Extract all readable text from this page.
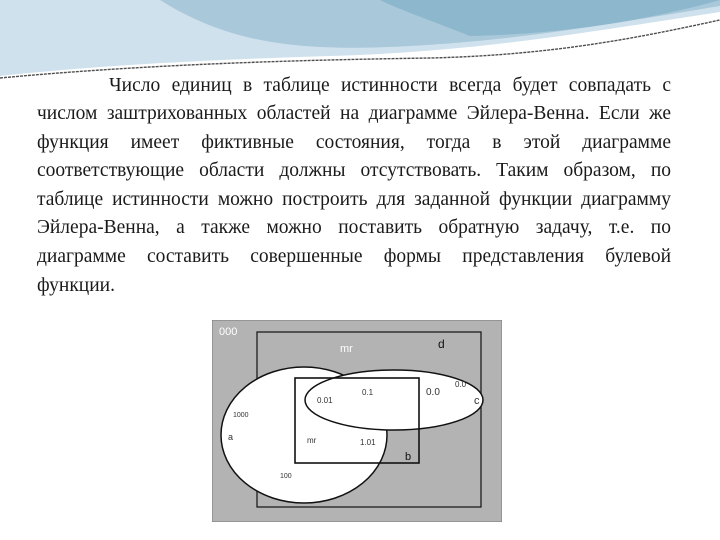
Число единиц в таблице истинности всегда будет совпадать с числом заштрихованных областей на диаграмме Эйлера-Венна. Если же функция имеет фиктивные состояния, тогда в этой диаграмме соответствующие области должны отсутствовать. Таким образом, по таблице истинности можно построить для заданной функции диаграмму Эйлера-Венна, а также можно поставить обратную задачу, т.е. по диаграмме составить совершенные формы представления булевой функции.

000
mr	d
0.01
0.1	0.0
0.0
c
1000
a	mr	1.01
b
100
